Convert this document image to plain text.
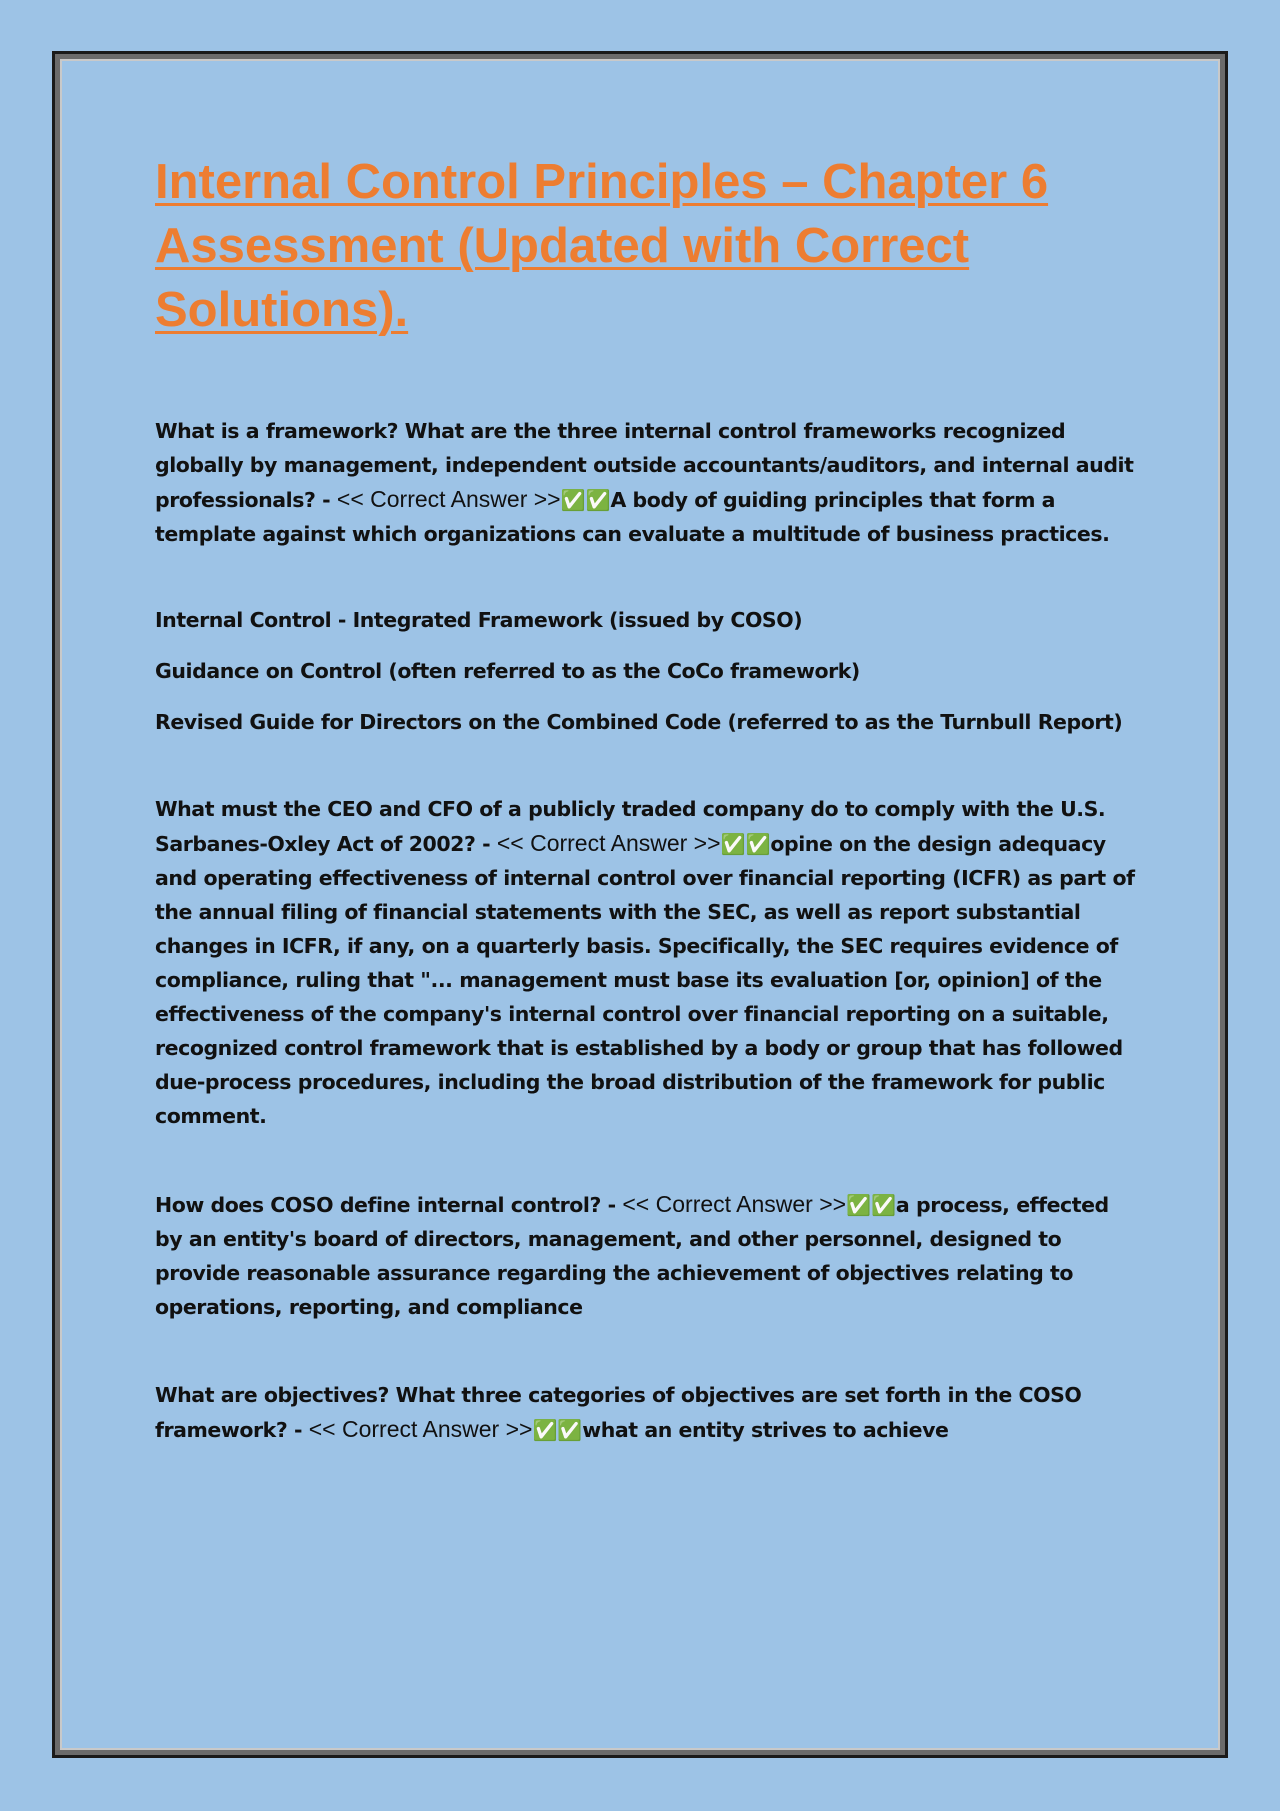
Internal Control Principles – Chapter 6 Assessment (Updated with Correct Solutions).

What is a framework? What are the three internal control frameworks recognized globally by management, independent outside accountants/auditors, and internal audit professionals? - << Correct Answer >>✅✅A body of guiding principles that form a template against which organizations can evaluate a multitude of business practices.

Internal Control - Integrated Framework (issued by COSO)

Guidance on Control (often referred to as the CoCo framework)

Revised Guide for Directors on the Combined Code (referred to as the Turnbull Report)

What must the CEO and CFO of a publicly traded company do to comply with the U.S. Sarbanes-Oxley Act of 2002? - << Correct Answer >>✅✅opine on the design adequacy and operating effectiveness of internal control over financial reporting (ICFR) as part of the annual filing of financial statements with the SEC, as well as report substantial changes in ICFR, if any, on a quarterly basis. Specifically, the SEC requires evidence of compliance, ruling that "... management must base its evaluation [or, opinion] of the effectiveness of the company's internal control over financial reporting on a suitable, recognized control framework that is established by a body or group that has followed due-process procedures, including the broad distribution of the framework for public comment.

How does COSO define internal control? - << Correct Answer >>✅✅a process, effected by an entity's board of directors, management, and other personnel, designed to provide reasonable assurance regarding the achievement of objectives relating to operations, reporting, and compliance

What are objectives? What three categories of objectives are set forth in the COSO framework? - << Correct Answer >>✅✅what an entity strives to achieve
